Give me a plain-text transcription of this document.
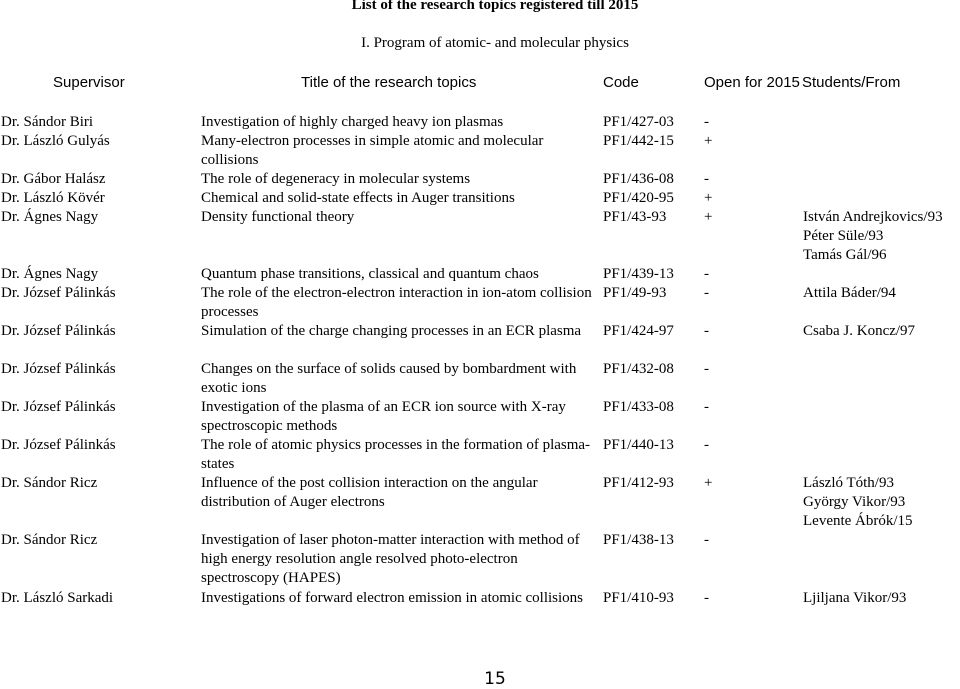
List of the research topics registered till 2015
I. Program of atomic- and molecular physics
Supervisor	Title of the research topics	Code	Open for 2015 Students/From
Dr. Sándor Biri	Investigation of highly charged heavy ion plasmas	PF1/427-03	-
Dr. László Gulyás	Many-electron processes in simple atomic and molecular collisions
PF1/442-15	+
Dr. Gábor Halász	The role of degeneracy in molecular systems	PF1/436-08	-
Dr. László Kövér	Chemical and solid-state effects in Auger transitions	PF1/420-95	+
Dr. Ágnes Nagy	Density functional theory	PF1/43-93	+	István Andrejkovics/93
Péter Süle/93
Tamás Gál/96
Dr. Ágnes Nagy	Quantum phase transitions, classical and quantum chaos	PF1/439-13	-
Dr. József Pálinkás	The role of the electron-electron interaction in ion-atom collision processes
PF1/49-93	-	Attila Báder/94
Dr. József Pálinkás	Simulation of the charge changing processes in an ECR plasma	PF1/424-97	-	Csaba J. Koncz/97
Dr. József Pálinkás	Changes on the surface of solids caused by bombardment with exotic ions
PF1/432-08	-
Dr. József Pálinkás	Investigation of the plasma of an ECR ion source with X-ray spectroscopic methods
PF1/433-08	-
Dr. József Pálinkás	The role of atomic physics processes in the formation of plasma-states
PF1/440-13	-
Dr. Sándor Ricz	Influence of the post collision interaction on the angular distribution of Auger electrons
PF1/412-93	+	László Tóth/93
György Vikor/93
Levente Ábrók/15
Dr. Sándor Ricz	Investigation of laser photon-matter interaction with method of high energy resolution angle resolved photo-electron spectroscopy (HAPES)
PF1/438-13	-
Dr. László Sarkadi	Investigations of forward electron emission in atomic collisions	PF1/410-93	-	Ljiljana Vikor/93
15
